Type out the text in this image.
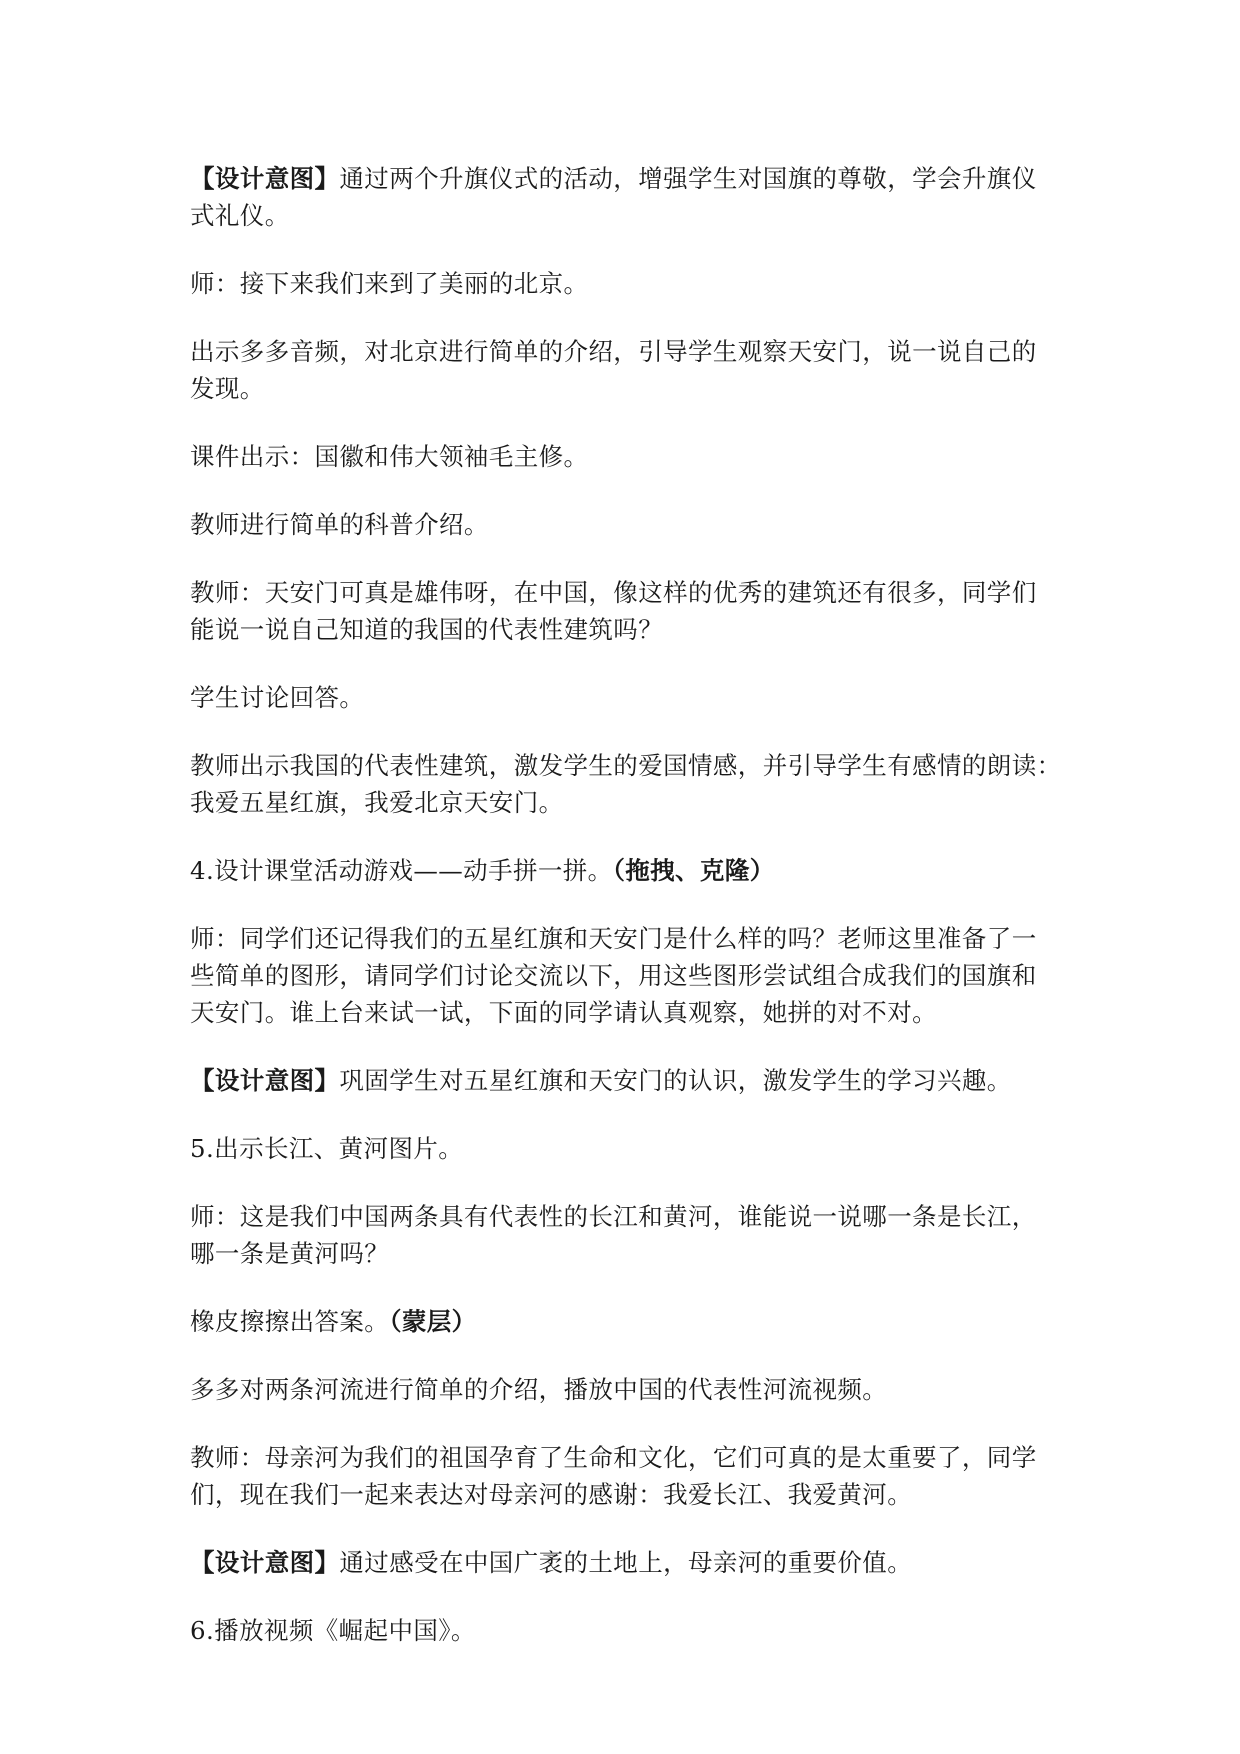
【设计意图】通过两个升旗仪式的活动，增强学生对国旗的尊敬，学会升旗仪
式礼仪。
师：接下来我们来到了美丽的北京。
出示多多音频，对北京进行简单的介绍，引导学生观察天安门，说一说自己的
发现。
课件出示：国徽和伟大领袖毛主修。
教师进行简单的科普介绍。
教师：天安门可真是雄伟呀，在中国，像这样的优秀的建筑还有很多，同学们
能说一说自己知道的我国的代表性建筑吗？
学生讨论回答。
教师出示我国的代表性建筑，激发学生的爱国情感，并引导学生有感情的朗读：
我爱五星红旗，我爱北京天安门。
4.设计课堂活动游戏——动手拼一拼。（拖拽、克隆）
师：同学们还记得我们的五星红旗和天安门是什么样的吗？老师这里准备了一
些简单的图形，请同学们讨论交流以下，用这些图形尝试组合成我们的国旗和
天安门。谁上台来试一试，下面的同学请认真观察，她拼的对不对。
【设计意图】巩固学生对五星红旗和天安门的认识，激发学生的学习兴趣。
5.出示长江、黄河图片。
师：这是我们中国两条具有代表性的长江和黄河，谁能说一说哪一条是长江，
哪一条是黄河吗？
橡皮擦擦出答案。（蒙层）
多多对两条河流进行简单的介绍，播放中国的代表性河流视频。
教师：母亲河为我们的祖国孕育了生命和文化，它们可真的是太重要了，同学
们，现在我们一起来表达对母亲河的感谢：我爱长江、我爱黄河。
【设计意图】通过感受在中国广袤的土地上，母亲河的重要价值。
6.播放视频《崛起中国》。
